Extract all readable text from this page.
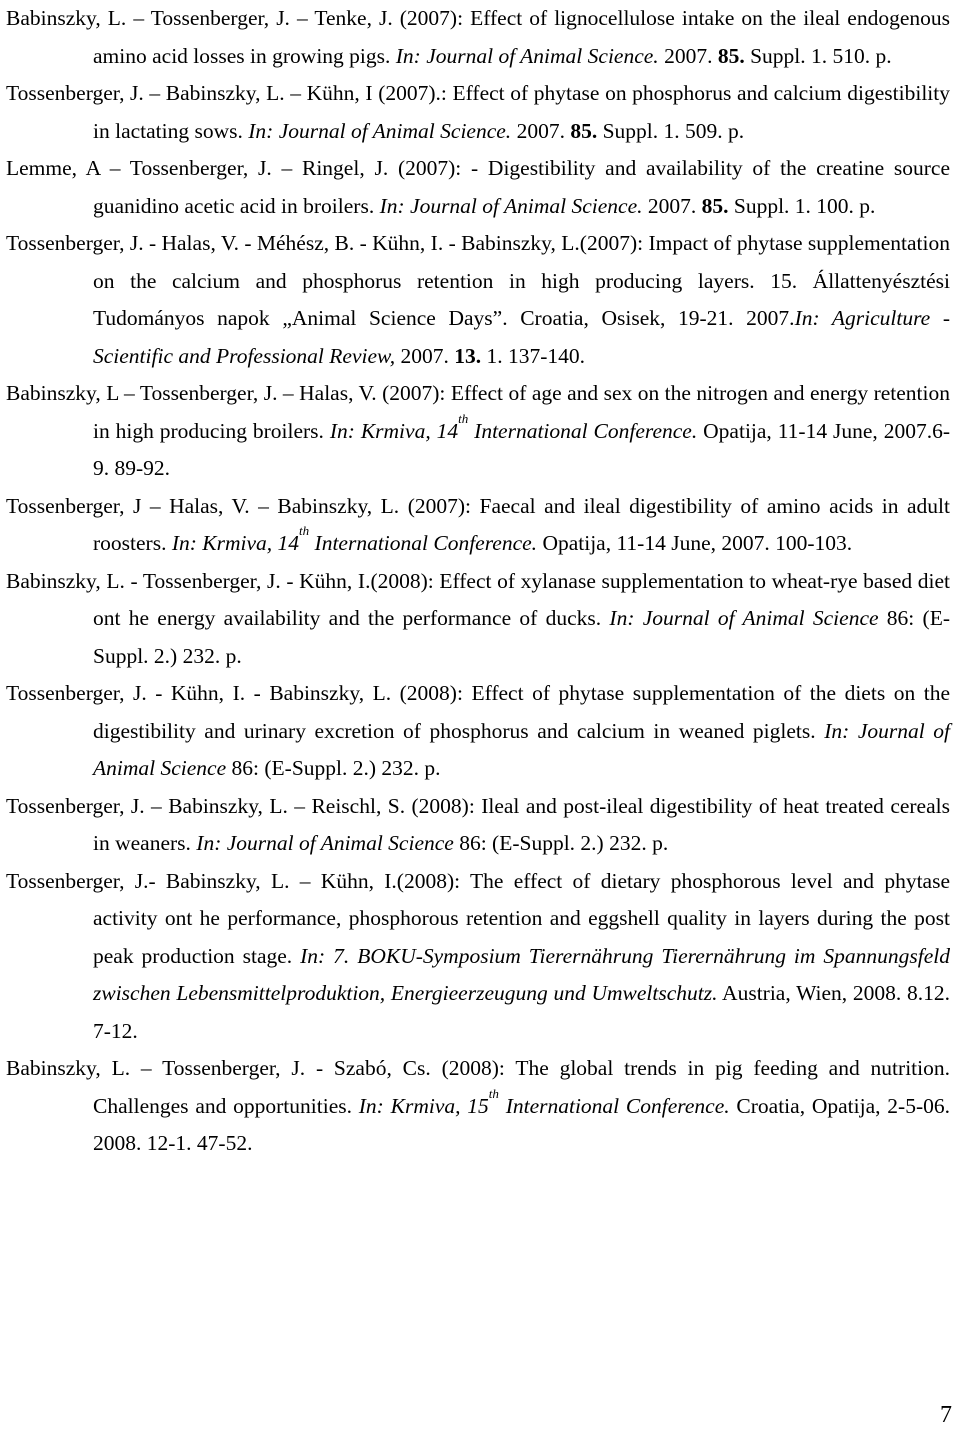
Babinszky, L. – Tossenberger, J. – Tenke, J. (2007): Effect of lignocellulose intake on the ileal endogenous amino acid losses in growing pigs. In: Journal of Animal Science. 2007. 85. Suppl. 1. 510. p.

Tossenberger, J. – Babinszky, L. – Kühn, I (2007).: Effect of phytase on phosphorus and calcium digestibility in lactating sows. In: Journal of Animal Science. 2007. 85. Suppl. 1. 509. p.

Lemme, A – Tossenberger, J. – Ringel, J. (2007): - Digestibility and availability of the creatine source guanidino acetic acid in broilers. In: Journal of Animal Science. 2007. 85. Suppl. 1. 100. p.

Tossenberger, J. - Halas, V. - Méhész, B. - Kühn, I. - Babinszky, L.(2007): Impact of phytase supplementation on the calcium and phosphorus retention in high producing layers. 15. Állattenyésztési Tudományos napok „Animal Science Days”. Croatia, Osisek, 19-21. 2007.In: Agriculture - Scientific and Professional Review, 2007. 13. 1. 137-140.

Babinszky, L – Tossenberger, J. – Halas, V. (2007): Effect of age and sex on the nitrogen and energy retention in high producing broilers. In: Krmiva, 14th International Conference. Opatija, 11-14 June, 2007.6-9. 89-92.

Tossenberger, J – Halas, V. – Babinszky, L. (2007): Faecal and ileal digestibility of amino acids in adult roosters. In: Krmiva, 14th International Conference. Opatija, 11-14 June, 2007. 100-103.

Babinszky, L. - Tossenberger, J. - Kühn, I.(2008): Effect of xylanase supplementation to wheat-rye based diet ont he energy availability and the performance of ducks. In: Journal of Animal Science 86: (E-Suppl. 2.) 232. p.

Tossenberger, J. - Kühn, I. - Babinszky, L. (2008): Effect of phytase supplementation of the diets on the digestibility and urinary excretion of phosphorus and calcium in weaned piglets. In: Journal of Animal Science 86: (E-Suppl. 2.) 232. p.

Tossenberger, J. – Babinszky, L. – Reischl, S. (2008): Ileal and post-ileal digestibility of heat treated cereals in weaners. In: Journal of Animal Science 86: (E-Suppl. 2.) 232. p.

Tossenberger, J.- Babinszky, L. – Kühn, I.(2008): The effect of dietary phosphorous level and phytase activity ont he performance, phosphorous retention and eggshell quality in layers during the post peak production stage. In: 7. BOKU-Symposium Tierernährung Tierernährung im Spannungsfeld zwischen Lebensmittelproduktion, Energieerzeugung und Umweltschutz. Austria, Wien, 2008. 8.12. 7-12.

Babinszky, L. – Tossenberger, J. - Szabó, Cs. (2008): The global trends in pig feeding and nutrition. Challenges and opportunities. In: Krmiva, 15th International Conference. Croatia, Opatija, 2-5-06. 2008. 12-1. 47-52.

7
